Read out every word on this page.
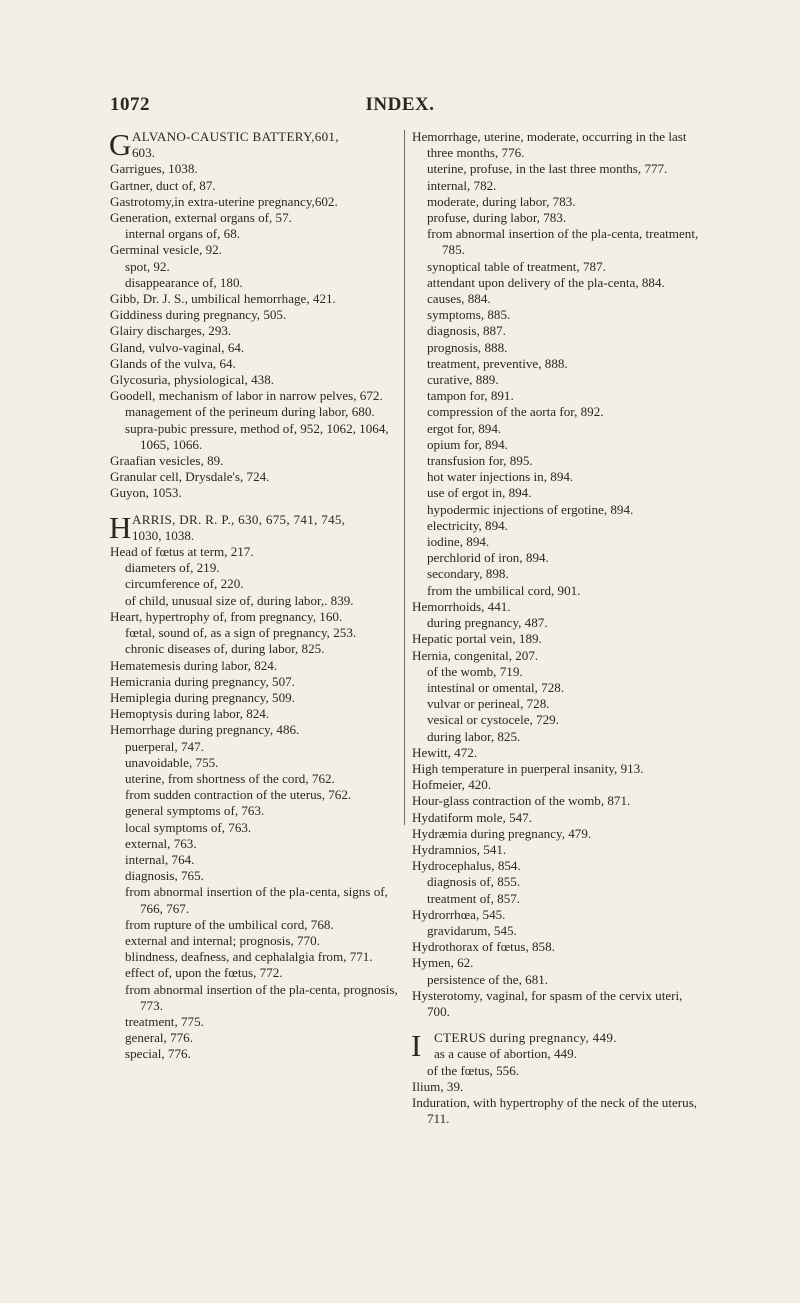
1072	INDEX.
G ALVANO-CAUSTIC BATTERY,601,
603.
Garrigues, 1038.
Gartner, duct of, 87.
Gastrotomy,in extra-uterine pregnancy,602.
Generation, external organs of, 57.
internal organs of, 68.
Germinal vesicle, 92.
spot, 92.
disappearance of, 180.
Gibb, Dr. J. S., umbilical hemorrhage, 421.
Giddiness during pregnancy, 505.
Glairy discharges, 293.
Gland, vulvo-vaginal, 64.
Glands of the vulva, 64.
Glycosuria, physiological, 438.
Goodell, mechanism of labor in narrow pelves, 672.
management of the perineum during labor, 680.
supra-pubic pressure, method of, 952, 1062, 1064, 1065, 1066.
Graafian vesicles, 89.
Granular cell, Drysdale's, 724.
Guyon, 1053.
H ARRIS, DR. R. P., 630, 675, 741, 745,
1030, 1038.
Head of fœtus at term, 217.
diameters of, 219.
circumference of, 220.
of child, unusual size of, during labor,. 839.
Heart, hypertrophy of, from pregnancy, 160.
fœtal, sound of, as a sign of pregnancy, 253.
chronic diseases of, during labor, 825.
Hematemesis during labor, 824.
Hemicrania during pregnancy, 507.
Hemiplegia during pregnancy, 509.
Hemoptysis during labor, 824.
Hemorrhage during pregnancy, 486.
puerperal, 747.
unavoidable, 755.
uterine, from shortness of the cord, 762.
from sudden contraction of the uterus, 762.
general symptoms of, 763.
local symptoms of, 763.
external, 763.
internal, 764.
diagnosis, 765.
from abnormal insertion of the pla-centa, signs of, 766, 767.
from rupture of the umbilical cord, 768.
external and internal; prognosis, 770.
blindness, deafness, and cephalalgia from, 771.
effect of, upon the fœtus, 772.
from abnormal insertion of the pla-centa, prognosis, 773.
treatment, 775.
general, 776.
special, 776.
Hemorrhage, uterine, moderate, occurring in the last three months, 776.
uterine, profuse, in the last three months, 777.
internal, 782.
moderate, during labor, 783.
profuse, during labor, 783.
from abnormal insertion of the pla-centa, treatment, 785.
synoptical table of treatment, 787.
attendant upon delivery of the pla-centa, 884.
causes, 884.
symptoms, 885.
diagnosis, 887.
prognosis, 888.
treatment, preventive, 888.
curative, 889.
tampon for, 891.
compression of the aorta for, 892.
ergot for, 894.
opium for, 894.
transfusion for, 895.
hot water injections in, 894.
use of ergot in, 894.
hypodermic injections of ergotine, 894.
electricity, 894.
iodine, 894.
perchlorid of iron, 894.
secondary, 898.
from the umbilical cord, 901.
Hemorrhoids, 441.
during pregnancy, 487.
Hepatic portal vein, 189.
Hernia, congenital, 207.
of the womb, 719.
intestinal or omental, 728.
vulvar or perineal, 728.
vesical or cystocele, 729.
during labor, 825.
Hewitt, 472.
High temperature in puerperal insanity, 913.
Hofmeier, 420.
Hour-glass contraction of the womb, 871.
Hydatiform mole, 547.
Hydræmia during pregnancy, 479.
Hydramnios, 541.
Hydrocephalus, 854.
diagnosis of, 855.
treatment of, 857.
Hydrorrhœa, 545.
gravidarum, 545.
Hydrothorax of fœtus, 858.
Hymen, 62.
persistence of the, 681.
Hysterotomy, vaginal, for spasm of the cervix uteri, 700.
I CTERUS during pregnancy, 449.
as a cause of abortion, 449.
of the fœtus, 556.
Ilium, 39.
Induration, with hypertrophy of the neck of the uterus, 711.
